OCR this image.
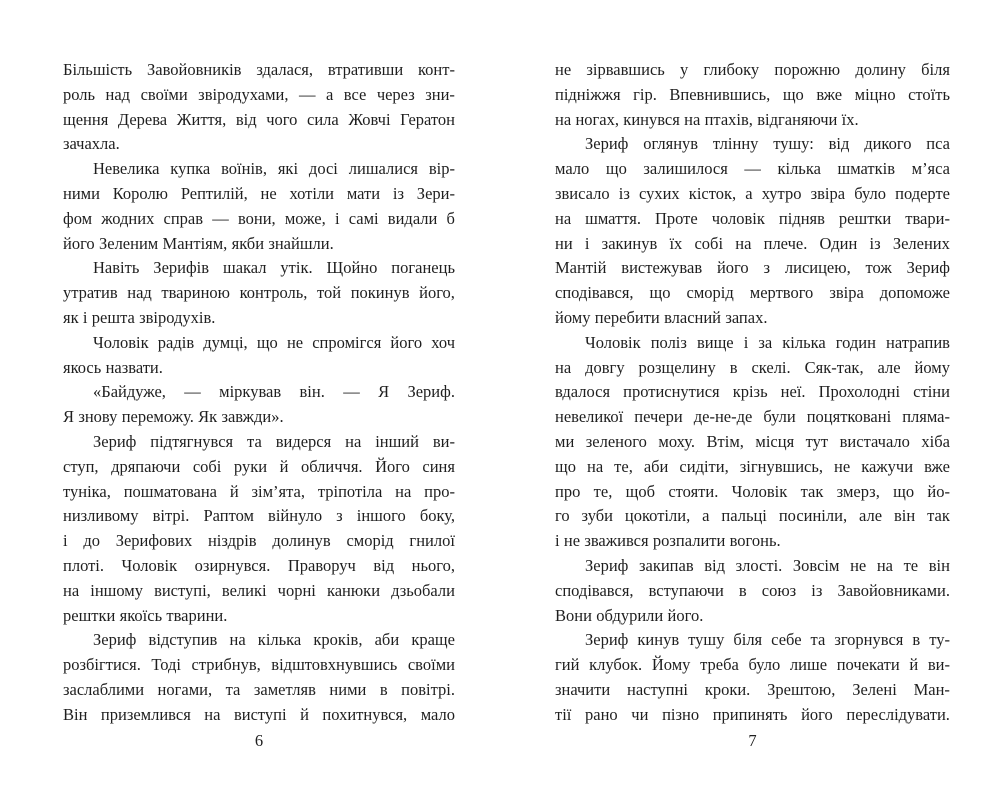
Більшість Завойовників здалася, втративши конт-
роль над своїми звіродухами, — а все через зни-
щення Дерева Життя, від чого сила Жовчі Гератон
зачахла.
Невелика купка воїнів, які досі лишалися вір-
ними Королю Рептилій, не хотіли мати із Зери-
фом жодних справ — вони, може, і самі видали б
його Зеленим Мантіям, якби знайшли.
Навіть Зерифів шакал утік. Щойно поганець
утратив над твариною контроль, той покинув його,
як і решта звіродухів.
Чоловік радів думці, що не спромігся його хоч
якось назвати.
«Байдуже, — міркував він. — Я Зериф.
Я знову переможу. Як завжди».
Зериф підтягнувся та видерся на інший ви-
ступ, дряпаючи собі руки й обличчя. Його синя
туніка, пошматована й зім’ята, тріпотіла на про-
низливому вітрі. Раптом війнуло з іншого боку,
і до Зерифових ніздрів долинув сморід гнилої
плоті. Чоловік озирнувся. Праворуч від нього,
на іншому виступі, великі чорні канюки дзьобали
рештки якоїсь тварини.
Зериф відступив на кілька кроків, аби краще
розбігтися. Тоді стрибнув, відштовхнувшись своїми
заслаблими ногами, та заметляв ними в повітрі.
Він приземлився на виступі й похитнувся, мало
6
не зірвавшись у глибоку порожню долину біля
підніжжя гір. Впевнившись, що вже міцно стоїть
на ногах, кинувся на птахів, відганяючи їх.
Зериф оглянув тлінну тушу: від дикого пса
мало що залишилося — кілька шматків м’яса
звисало із сухих кісток, а хутро звіра було подерте
на шмаття. Проте чоловік підняв рештки твари-
ни і закинув їх собі на плече. Один із Зелених
Мантій вистежував його з лисицею, тож Зериф
сподівався, що сморід мертвого звіра допоможе
йому перебити власний запах.
Чоловік поліз вище і за кілька годин натрапив
на довгу розщелину в скелі. Сяк-так, але йому
вдалося протиснутися крізь неї. Прохолодні стіни
невеликої печери де-не-де були поцятковані пляма-
ми зеленого моху. Втім, місця тут вистачало хіба
що на те, аби сидіти, зігнувшись, не кажучи вже
про те, щоб стояти. Чоловік так змерз, що йо-
го зуби цокотіли, а пальці посиніли, але він так
і не зважився розпалити вогонь.
Зериф закипав від злості. Зовсім не на те він
сподівався, вступаючи в союз із Завойовниками.
Вони обдурили його.
Зериф кинув тушу біля себе та згорнувся в ту-
гий клубок. Йому треба було лише почекати й ви-
значити наступні кроки. Зрештою, Зелені Ман-
тії рано чи пізно припинять його переслідувати.
7
